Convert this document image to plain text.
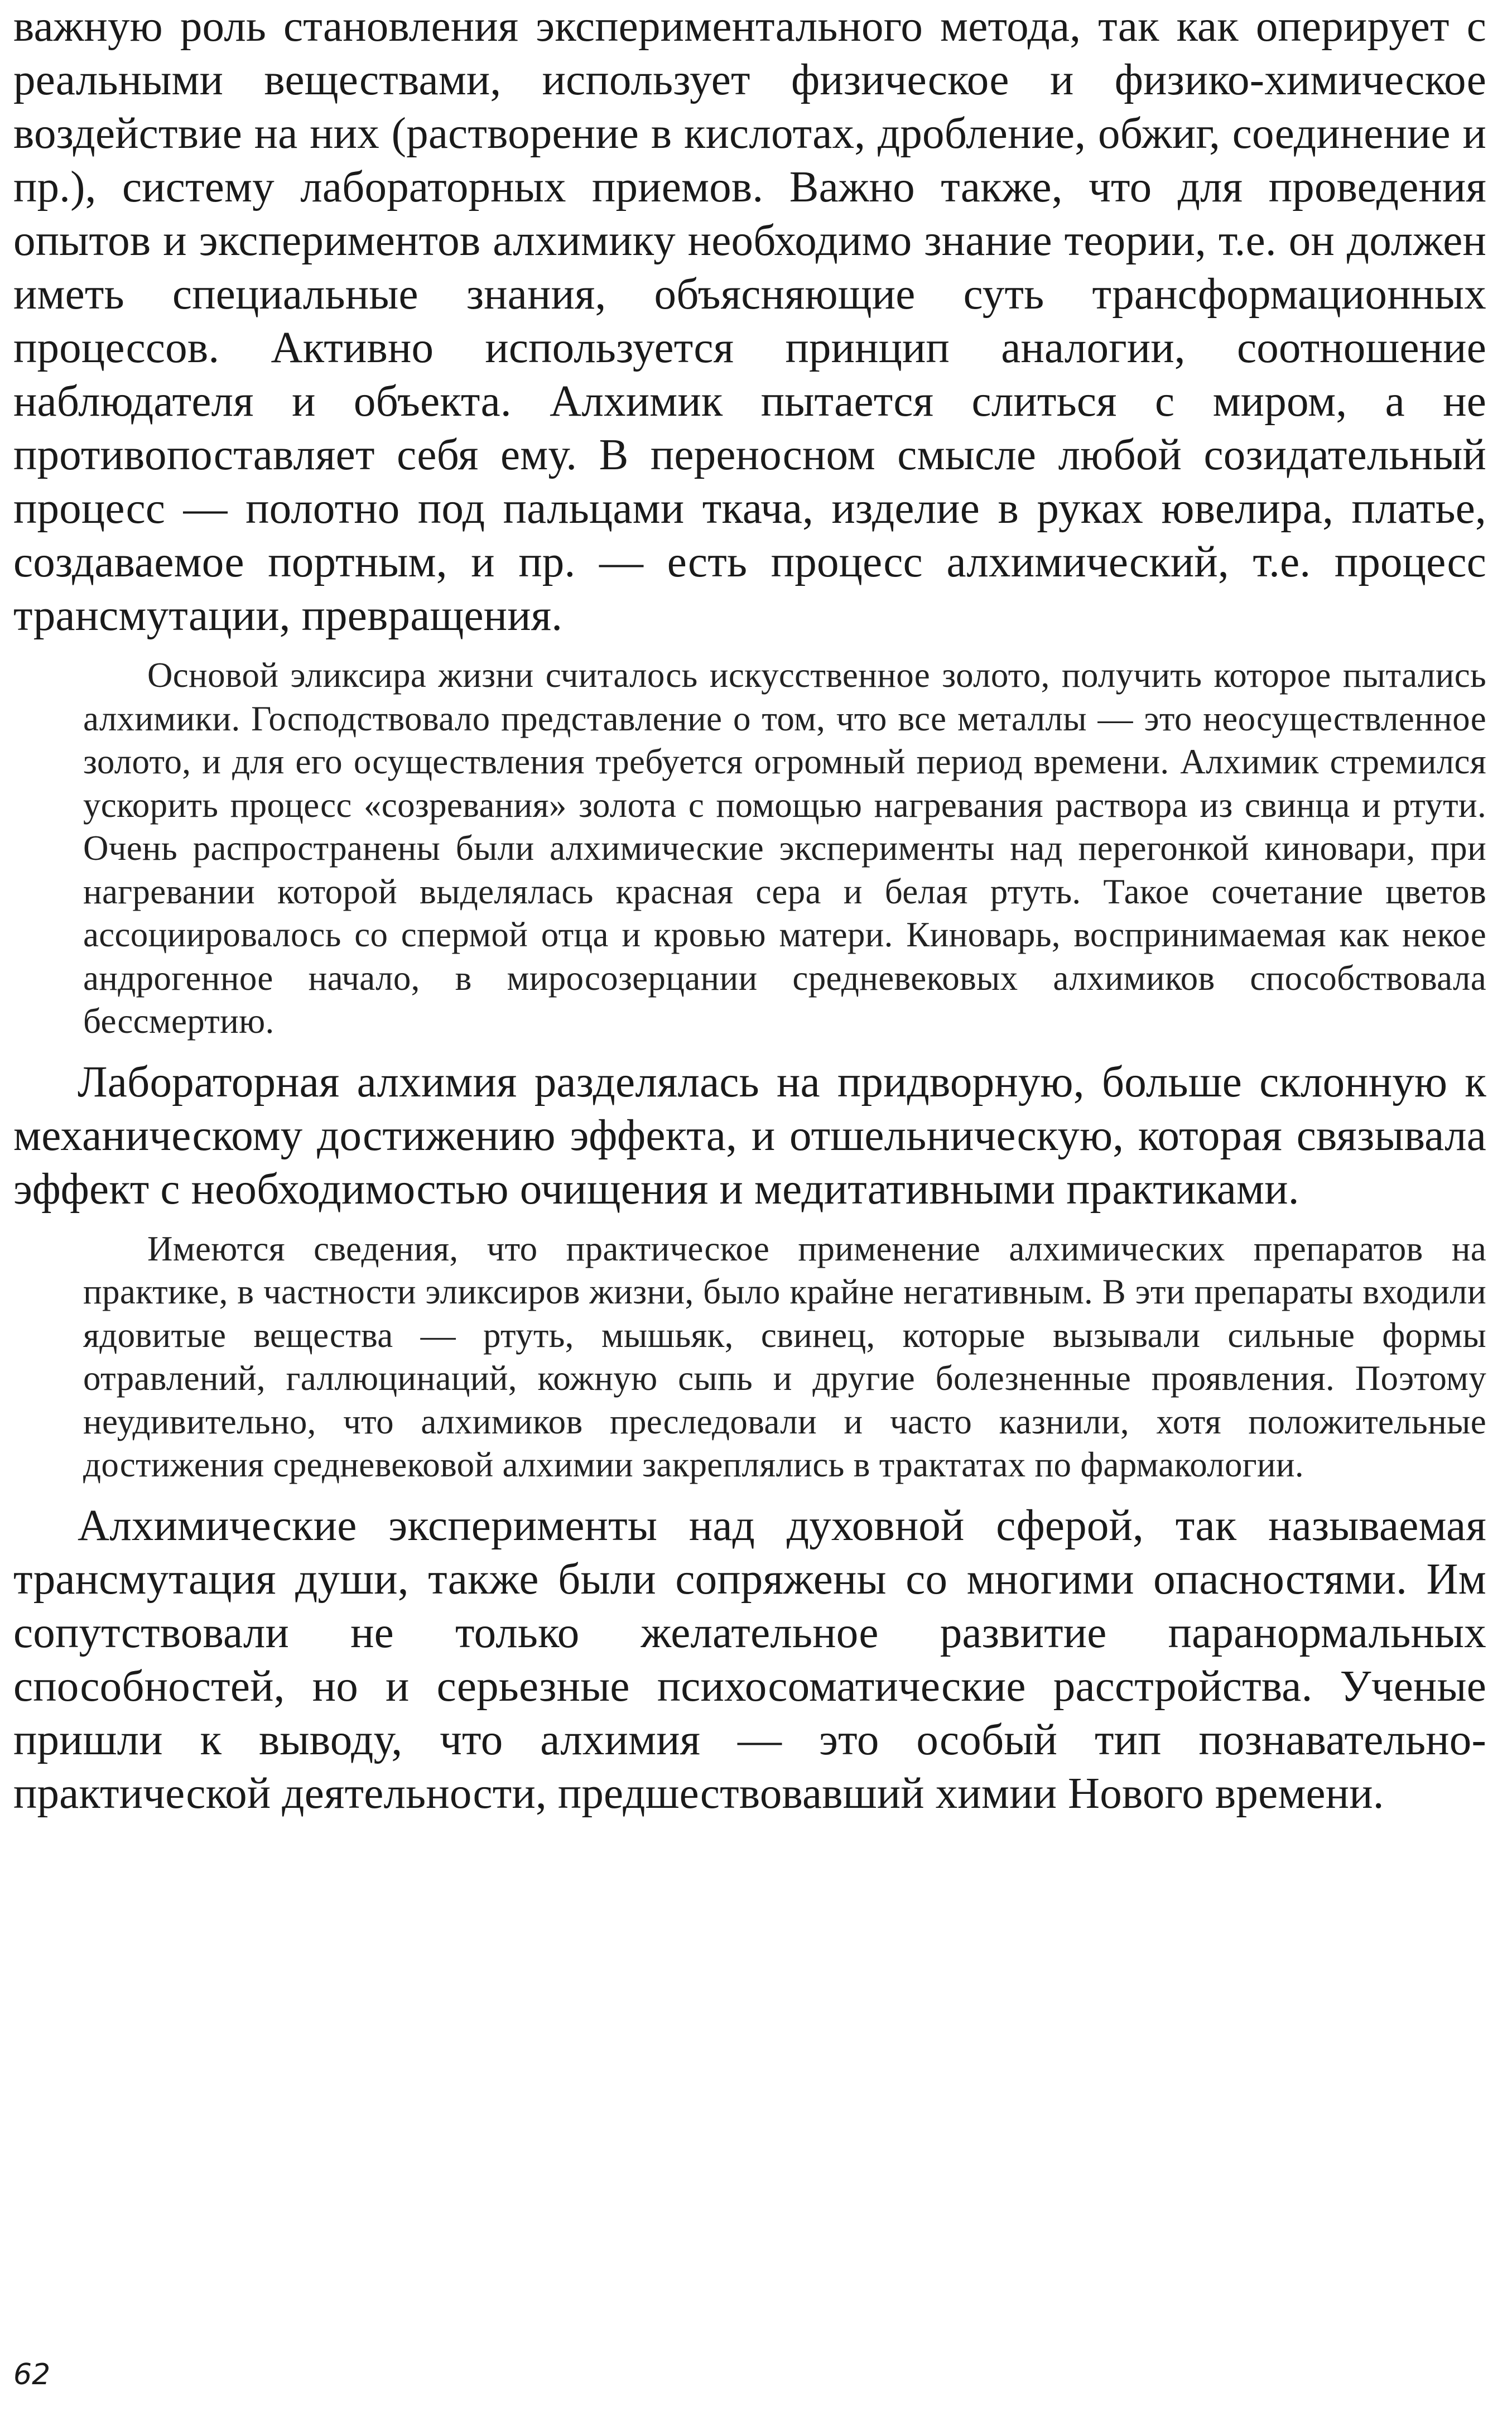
важную роль становления экспериментального метода, так как оперирует с реальными веществами, использует физическое и физико-химическое воздействие на них (растворение в кислотах, дробление, обжиг, соединение и пр.), систему лабораторных приемов. Важно также, что для проведения опытов и экспериментов алхимику необходимо знание теории, т.е. он должен иметь специальные знания, объясняющие суть трансформационных процессов. Активно используется принцип аналогии, соотношение наблюдателя и объекта. Алхимик пытается слиться с миром, а не противопоставляет себя ему. В переносном смысле любой созидательный процесс — полотно под пальцами ткача, изделие в руках ювелира, платье, создаваемое портным, и пр. — есть процесс алхимический, т.е. процесс трансмутации, превращения.

Основой эликсира жизни считалось искусственное золото, получить которое пытались алхимики. Господствовало представление о том, что все металлы — это неосуществленное золото, и для его осуществления требуется огромный период времени. Алхимик стремился ускорить процесс «созревания» золота с помощью нагревания раствора из свинца и ртути. Очень распространены были алхимические эксперименты над перегонкой киновари, при нагревании которой выделялась красная сера и белая ртуть. Такое сочетание цветов ассоциировалось со спермой отца и кровью матери. Киноварь, воспринимаемая как некое андрогенное начало, в миросозерцании средневековых алхимиков способствовала бессмертию.

Лабораторная алхимия разделялась на придворную, больше склонную к механическому достижению эффекта, и отшельническую, которая связывала эффект с необходимостью очищения и медитативными практиками.

Имеются сведения, что практическое применение алхимических препаратов на практике, в частности эликсиров жизни, было крайне негативным. В эти препараты входили ядовитые вещества — ртуть, мышьяк, свинец, которые вызывали сильные формы отравлений, галлюцинаций, кожную сыпь и другие болезненные проявления. Поэтому неудивительно, что алхимиков преследовали и часто казнили, хотя положительные достижения средневековой алхимии закреплялись в трактатах по фармакологии.

Алхимические эксперименты над духовной сферой, так называемая трансмутация души, также были сопряжены со многими опасностями. Им сопутствовали не только желательное развитие паранормальных способностей, но и серьезные психосоматические расстройства. Ученые пришли к выводу, что алхимия — это особый тип познавательно-практической деятельности, предшествовавший химии Нового времени.

62
